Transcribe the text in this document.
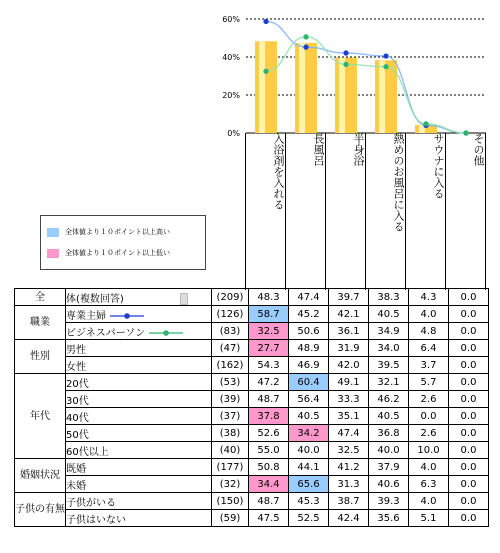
0%
20%
40%
60%
入浴剤を入れる	長風呂	半身浴	熱めのお風呂に入る	サウナに入る	その他
全体値より１０ポイント以上高い
全体値より１０ポイント以上低い
全	体(複数回答)	(209)	48.3	47.4	39.7	38.3	4.3	0.0
職業	専業主婦	(126)	58.7	45.2	42.1	40.5	4.0	0.0
	ビジネスパーソン	(83)	32.5	50.6	36.1	34.9	4.8	0.0
性別	男性	(47)	27.7	48.9	31.9	34.0	6.4	0.0
	女性	(162)	54.3	46.9	42.0	39.5	3.7	0.0
年代	20代	(53)	47.2	60.4	49.1	32.1	5.7	0.0
	30代	(39)	48.7	56.4	33.3	46.2	2.6	0.0
	40代	(37)	37.8	40.5	35.1	40.5	0.0	0.0
	50代	(38)	52.6	34.2	47.4	36.8	2.6	0.0
	60代以上	(40)	55.0	40.0	32.5	40.0	10.0	0.0
婚姻状況	既婚	(177)	50.8	44.1	41.2	37.9	4.0	0.0
	未婚	(32)	34.4	65.6	31.3	40.6	6.3	0.0
子供の有無	子供がいる	(150)	48.7	45.3	38.7	39.3	4.0	0.0
	子供はいない	(59)	47.5	52.5	42.4	35.6	5.1	0.0
